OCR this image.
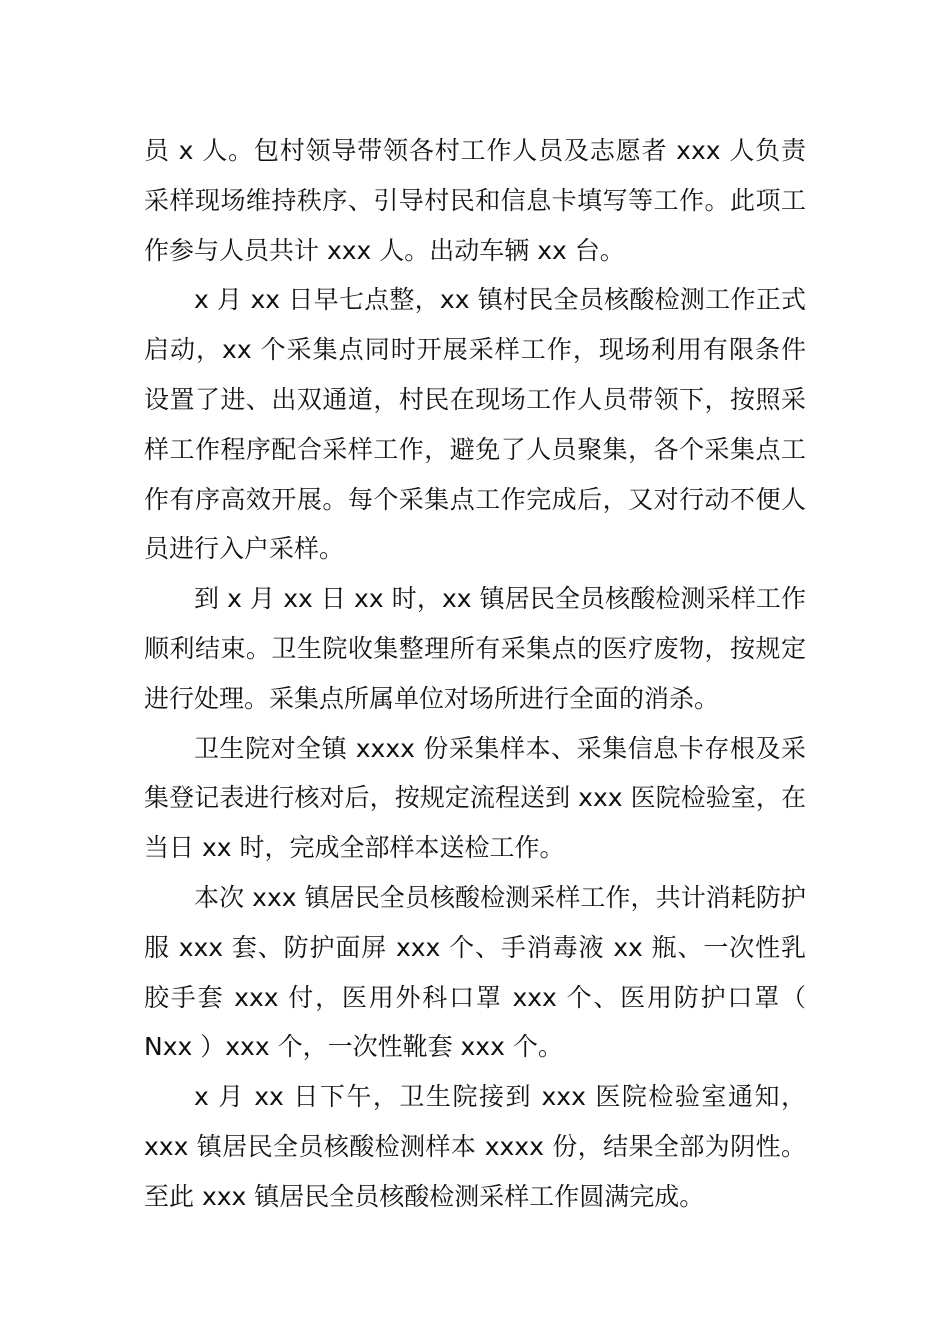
员 x 人。包村领导带领各村工作人员及志愿者 xxx 人负责采样现场维持秩序、引导村民和信息卡填写等工作。此项工作参与人员共计 xxx 人。出动车辆 xx 台。

x 月 xx 日早七点整，xx 镇村民全员核酸检测工作正式启动，xx 个采集点同时开展采样工作，现场利用有限条件设置了进、出双通道，村民在现场工作人员带领下，按照采样工作程序配合采样工作，避免了人员聚集，各个采集点工作有序高效开展。每个采集点工作完成后，又对行动不便人员进行入户采样。

到 x 月 xx 日 xx 时，xx 镇居民全员核酸检测采样工作顺利结束。卫生院收集整理所有采集点的医疗废物，按规定进行处理。采集点所属单位对场所进行全面的消杀。

卫生院对全镇 xxxx 份采集样本、采集信息卡存根及采集登记表进行核对后，按规定流程送到 xxx 医院检验室，在当日 xx 时，完成全部样本送检工作。

本次 xxx 镇居民全员核酸检测采样工作，共计消耗防护服 xxx 套、防护面屏 xxx 个、手消毒液 xx 瓶、一次性乳胶手套 xxx 付，医用外科口罩 xxx 个、医用防护口罩（ Nxx ）xxx 个，一次性靴套 xxx 个。

x 月 xx 日下午，卫生院接到 xxx 医院检验室通知，xxx 镇居民全员核酸检测样本 xxxx 份，结果全部为阴性。至此 xxx 镇居民全员核酸检测采样工作圆满完成。
